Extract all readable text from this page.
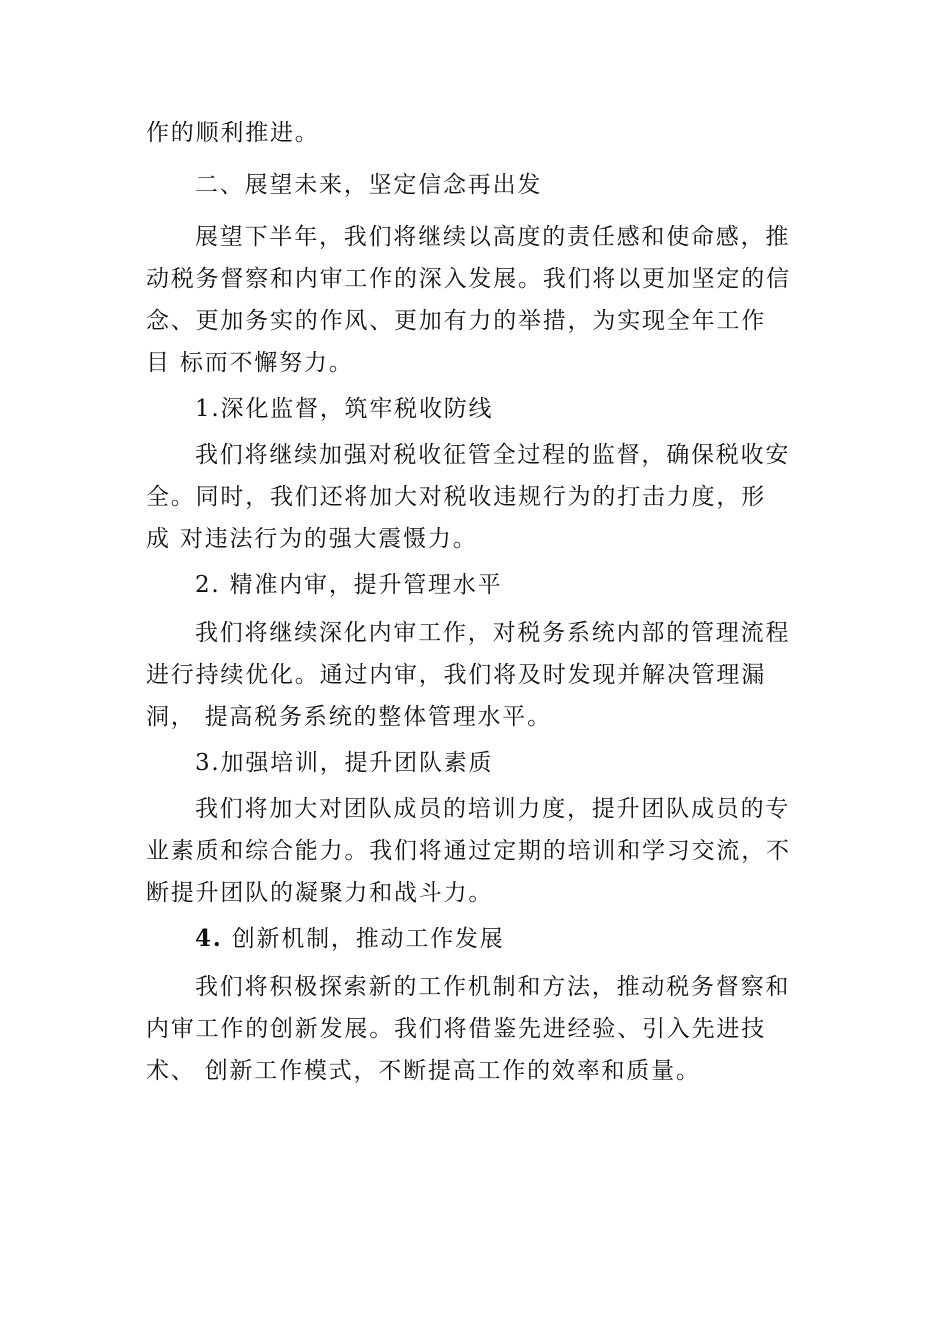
作的顺利推进。
二、展望未来，坚定信念再出发
展望下半年，我们将继续以高度的责任感和使命感，推
动税务督察和内审工作的深入发展。我们将以更加坚定的信
念、更加务实的作风、更加有力的举措，为实现全年工作
目 标而不懈努力。
1.深化监督，筑牢税收防线
我们将继续加强对税收征管全过程的监督，确保税收安
全。同时，我们还将加大对税收违规行为的打击力度，形
成 对违法行为的强大震慑力。
2. 精准内审，提升管理水平
我们将继续深化内审工作，对税务系统内部的管理流程
进行持续优化。通过内审，我们将及时发现并解决管理漏
洞， 提高税务系统的整体管理水平。
3.加强培训，提升团队素质
我们将加大对团队成员的培训力度，提升团队成员的专
业素质和综合能力。我们将通过定期的培训和学习交流，不
断提升团队的凝聚力和战斗力。
4. 创新机制，推动工作发展
我们将积极探索新的工作机制和方法，推动税务督察和
内审工作的创新发展。我们将借鉴先进经验、引入先进技
术、 创新工作模式，不断提高工作的效率和质量。
